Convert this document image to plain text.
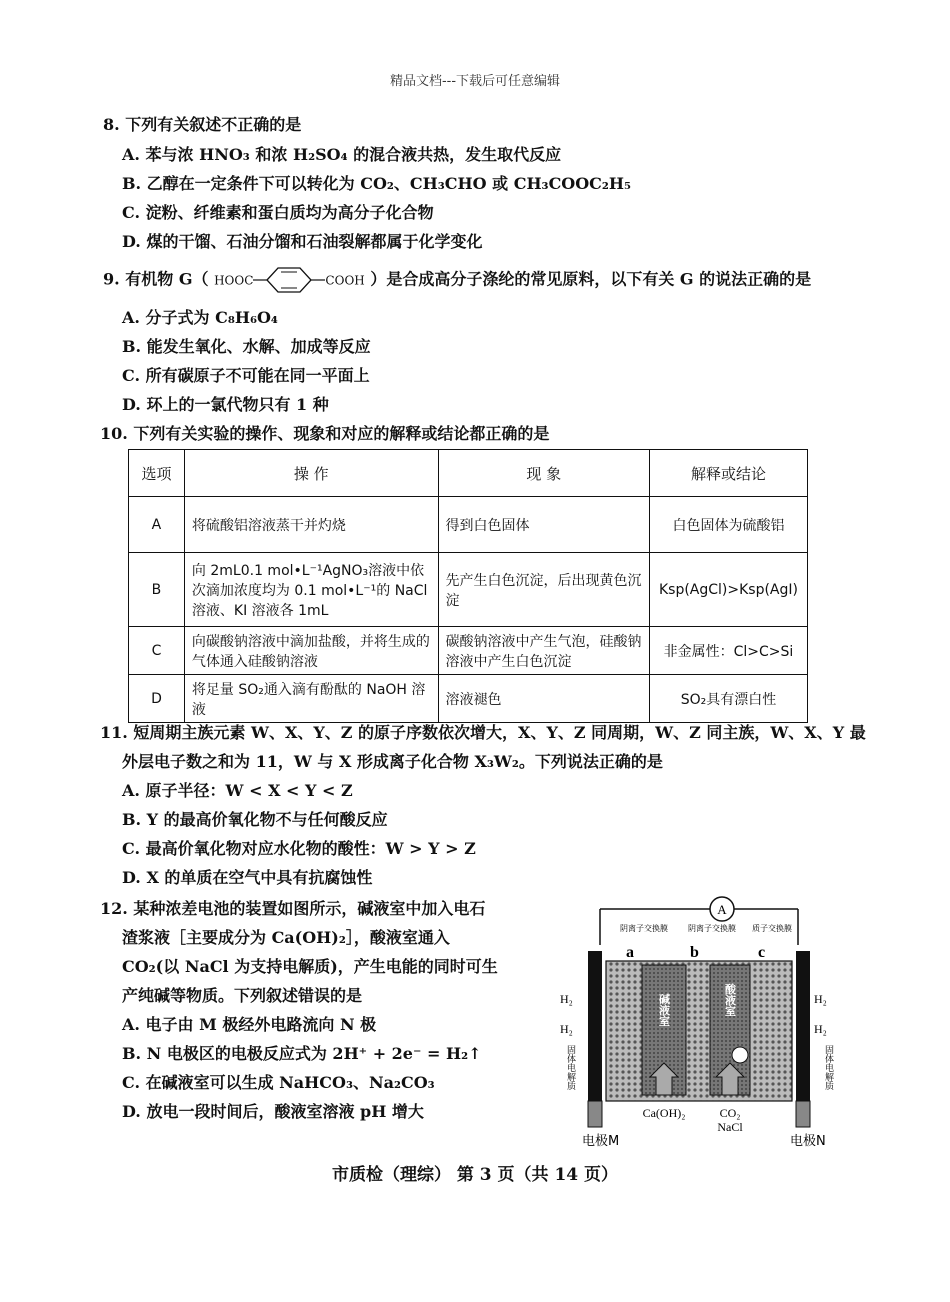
精品文档---下载后可任意编辑
8. 下列有关叙述不正确的是
A. 苯与浓 HNO₃ 和浓 H₂SO₄ 的混合液共热，发生取代反应
B. 乙醇在一定条件下可以转化为 CO₂、CH₃CHO 或 CH₃COOC₂H₅
C. 淀粉、纤维素和蛋白质均为高分子化合物
D. 煤的干馏、石油分馏和石油裂解都属于化学变化
9. 有机物 G（ HOOC	COOH ）是合成高分子涤纶的常见原料，以下有关 G 的说法正确的是
A. 分子式为 C₈H₆O₄
B. 能发生氧化、水解、加成等反应
C. 所有碳原子不可能在同一平面上
D. 环上的一氯代物只有 1 种
10. 下列有关实验的操作、现象和对应的解释或结论都正确的是
选项	操 作	现 象	解释或结论
A	将硫酸铝溶液蒸干并灼烧	得到白色固体	白色固体为硫酸铝
B	向 2mL0.1 mol•L⁻¹AgNO₃溶液中依次滴加浓度均为 0.1 mol•L⁻¹的 NaCl 溶液、KI 溶液各 1mL	先产生白色沉淀，后出现黄色沉淀	Ksp(AgCl)>Ksp(AgI)
C	向碳酸钠溶液中滴加盐酸，并将生成的气体通入硅酸钠溶液	碳酸钠溶液中产生气泡，硅酸钠溶液中产生白色沉淀	非金属性：Cl>C>Si
D	将足量 SO₂通入滴有酚酞的 NaOH 溶液	溶液褪色	SO₂具有漂白性
11. 短周期主族元素 W、X、Y、Z 的原子序数依次增大，X、Y、Z 同周期，W、Z 同主族，W、X、Y 最
外层电子数之和为 11，W 与 X 形成离子化合物 X₃W₂。下列说法正确的是
A. 原子半径：W < X < Y < Z
B. Y 的最高价氧化物不与任何酸反应
C. 最高价氧化物对应水化物的酸性：W > Y > Z
D. X 的单质在空气中具有抗腐蚀性
12. 某种浓差电池的装置如图所示，碱液室中加入电石
渣浆液［主要成分为 Ca(OH)₂］，酸液室通入
CO₂(以 NaCl 为支持电解质)，产生电能的同时可生
产纯碱等物质。下列叙述错误的是
A. 电子由 M 极经外电路流向 N 极
B. N 电极区的电极反应式为 2H⁺ + 2e⁻ = H₂↑
C. 在碱液室可以生成 NaHCO₃、Na₂CO₃
D. 放电一段时间后，酸液室溶液 pH 增大
A
阴离子交换膜	阴离子交换膜 质子交换膜
a	b	c
碱液室	酸液室
H₂
H₂
H₂
H₂
固体电解质	固体电解质
Ca(OH)₂	CO₂
NaCl
电极M	电极N
市质检（理综） 第 3 页（共 14 页）
